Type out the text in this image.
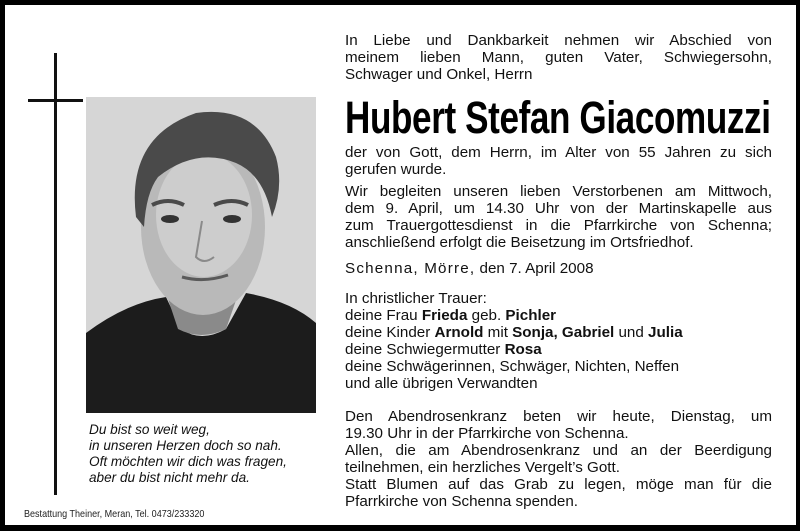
Du bist so weit weg,
in unseren Herzen doch so nah.
Oft möchten wir dich was fragen,
aber du bist nicht mehr da.
Bestattung Theiner, Meran, Tel. 0473/233320
In Liebe und Dankbarkeit nehmen wir Abschied von
meinem lieben Mann, guten Vater, Schwiegersohn,
Schwager und Onkel, Herrn
Hubert Stefan Giacomuzzi
der von Gott, dem Herrn, im Alter von 55 Jahren zu sich
gerufen wurde.
Wir begleiten unseren lieben Verstorbenen am Mittwoch,
dem 9. April, um 14.30 Uhr von der Martinskapelle aus
zum Trauergottesdienst in die Pfarrkirche von Schenna;
anschließend erfolgt die Beisetzung im Ortsfriedhof.
Schenna, Mörre, den 7. April 2008
In christlicher Trauer:
deine Frau Frieda geb. Pichler
deine Kinder Arnold mit Sonja, Gabriel und Julia
deine Schwiegermutter Rosa
deine Schwägerinnen, Schwäger, Nichten, Neffen
und alle übrigen Verwandten
Den Abendrosenkranz beten wir heute, Dienstag, um
19.30 Uhr in der Pfarrkirche von Schenna.
Allen, die am Abendrosenkranz und an der Beerdigung
teilnehmen, ein herzliches Vergelt’s Gott.
Statt Blumen auf das Grab zu legen, möge man für die
Pfarrkirche von Schenna spenden.
